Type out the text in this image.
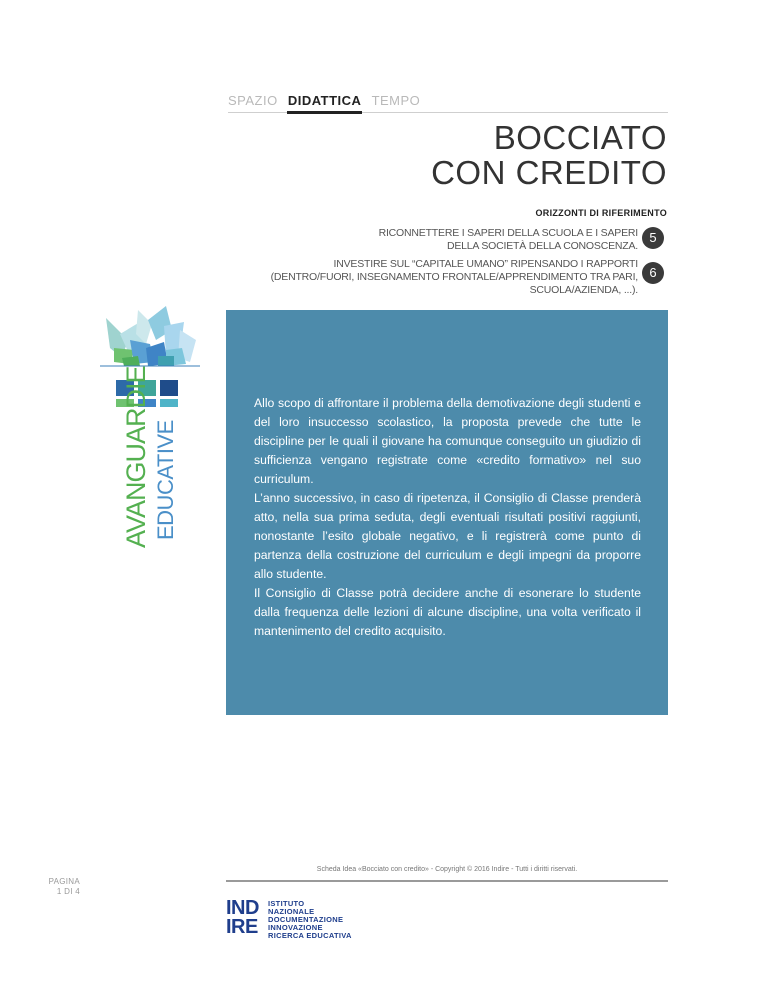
SPAZIO DIDATTICA TEMPO
BOCCIATO
CON CREDITO
ORIZZONTI DI RIFERIMENTO
RICONNETTERE I SAPERI DELLA SCUOLA E I SAPERI
DELLA SOCIETÀ DELLA CONOSCENZA.
5
INVESTIRE SUL “CAPITALE UMANO” RIPENSANDO I RAPPORTI
(DENTRO/FUORI, INSEGNAMENTO FRONTALE/APPRENDIMENTO TRA PARI,
SCUOLA/AZIENDA, ...).
6
AVANGUARDIE EDUCATIVE

Allo scopo di affrontare il problema della demotivazione degli studenti e del loro insuccesso scolastico, la proposta prevede che tutte le discipline per le quali il giovane ha comunque conseguito un giudizio di sufficienza vengano registrate come «credito formativo» nel suo curriculum.

L’anno successivo, in caso di ripetenza, il Consiglio di Classe prenderà atto, nella sua prima seduta, degli eventuali risultati positivi raggiunti, nonostante l’esito globale negativo, e li registrerà come punto di partenza della costruzione del curriculum e degli impegni da proporre allo studente.

Il Consiglio di Classe potrà decidere anche di esonerare lo studente dalla frequenza delle lezioni di alcune discipline, una volta verificato il mantenimento del credito acquisito.

Scheda Idea «Bocciato con credito» - Copyright © 2016 Indire - Tutti i diritti riservati.
PAGINA
1 DI 4
IND
IRE
ISTITUTO
NAZIONALE
DOCUMENTAZIONE
INNOVAZIONE
RICERCA EDUCATIVA
